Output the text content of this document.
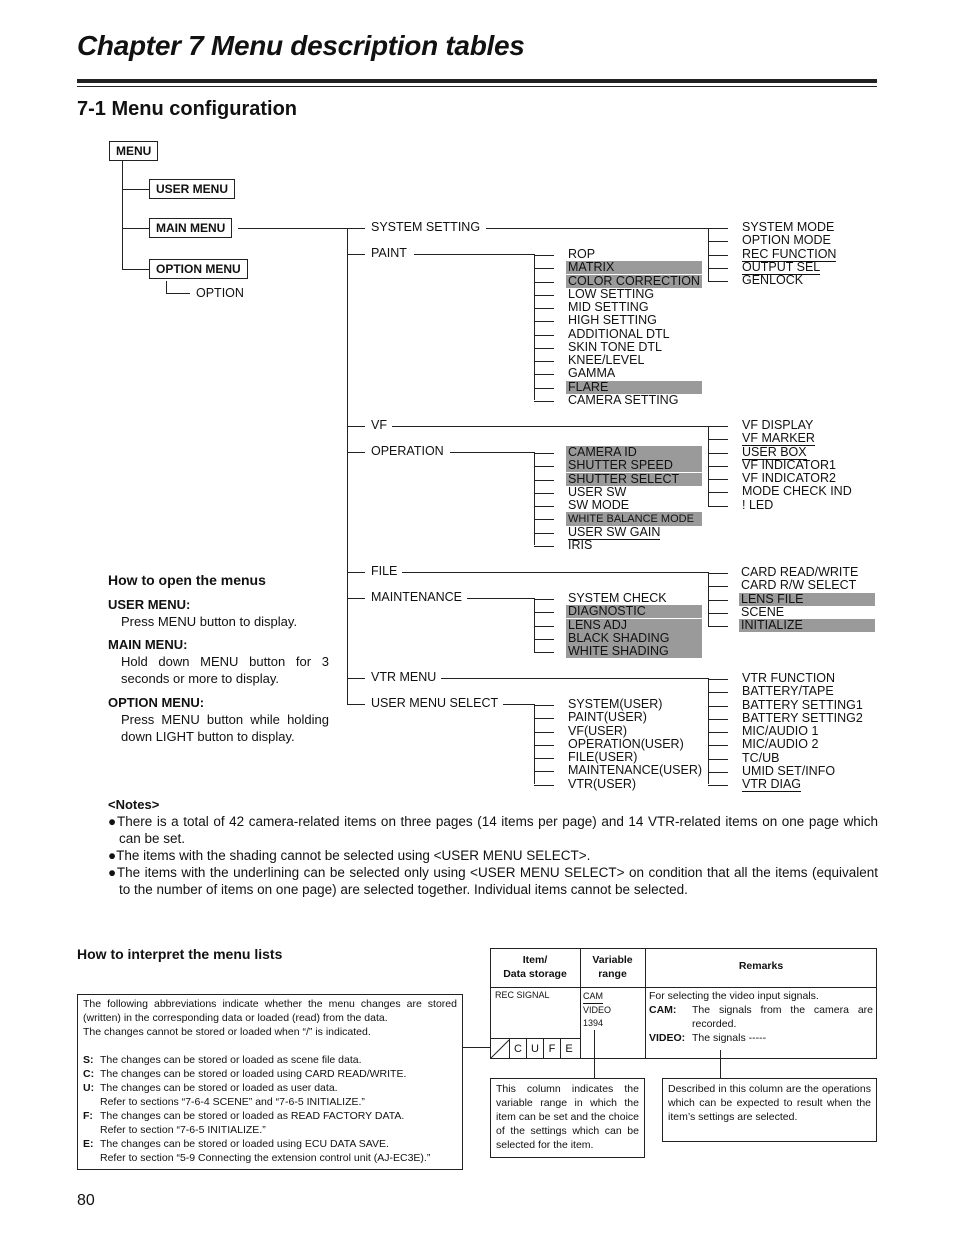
Chapter 7 Menu description tables
7-1 Menu configuration
MENU
USER MENU
MAIN MENU
OPTION MENU
OPTION
SYSTEM SETTING
PAINT
VF
OPERATION
FILE
MAINTENANCE
VTR MENU
USER MENU SELECT
SYSTEM MODE
OPTION MODE
REC FUNCTION
OUTPUT SEL
GENLOCK
ROP
MATRIX
COLOR CORRECTION
LOW SETTING
MID SETTING
HIGH SETTING
ADDITIONAL DTL
SKIN TONE DTL
KNEE/LEVEL
GAMMA
FLARE
CAMERA SETTING
VF DISPLAY
VF MARKER
USER BOX
VF INDICATOR1
VF INDICATOR2
MODE CHECK IND
! LED
CAMERA ID
SHUTTER SPEED
SHUTTER SELECT
USER SW
SW MODE
WHITE BALANCE MODE
USER SW GAIN
IRIS
CARD READ/WRITE
CARD R/W SELECT
LENS FILE
SCENE
INITIALIZE
SYSTEM CHECK
DIAGNOSTIC
LENS ADJ
BLACK SHADING
WHITE SHADING
VTR FUNCTION
BATTERY/TAPE
BATTERY SETTING1
BATTERY SETTING2
MIC/AUDIO 1
MIC/AUDIO 2
TC/UB
UMID SET/INFO
VTR DIAG
SYSTEM(USER)
PAINT(USER)
VF(USER)
OPERATION(USER)
FILE(USER)
MAINTENANCE(USER)
VTR(USER)
How to open the menus
USER MENU:
Press MENU button to display.
MAIN MENU:
Hold down MENU button for 3 seconds or more to display.
OPTION MENU:
Press MENU button while holding down LIGHT button to display.
<Notes>
●There is a total of 42 camera-related items on three pages (14 items per page) and 14 VTR-related items on one page which can be set.
●The items with the shading cannot be selected using <USER MENU SELECT>.
●The items with the underlining can be selected only using <USER MENU SELECT> on condition that all the items (equivalent to the number of items on one page) are selected together. Individual items cannot be selected.
How to interpret the menu lists
The following abbreviations indicate whether the menu changes are stored (written) in the corresponding data or loaded (read) from the data.
The changes cannot be stored or loaded when “/” is indicated.
S: The changes can be stored or loaded as scene file data.
C: The changes can be stored or loaded using CARD READ/WRITE.
U: The changes can be stored or loaded as user data.
Refer to sections “7-6-4 SCENE” and “7-6-5 INITIALIZE.”
F: The changes can be stored or loaded as READ FACTORY DATA.
Refer to section “7-6-5 INITIALIZE.”
E: The changes can be stored or loaded using ECU DATA SAVE.
Refer to section “5-9 Connecting the extension control unit (AJ-EC3E).”
Item/
Data storage
Variable
range
Remarks
REC SIGNAL	CAM
VIDEO
1394
For selecting the video input signals.
CAM:	The signals from the camera are recorded.
VIDEO: The signals -----
C U F E
This column indicates the variable range in which the item can be set and the choice of the settings which can be selected for the item.
Described in this column are the operations which can be expected to result when the item’s settings are selected.
80
